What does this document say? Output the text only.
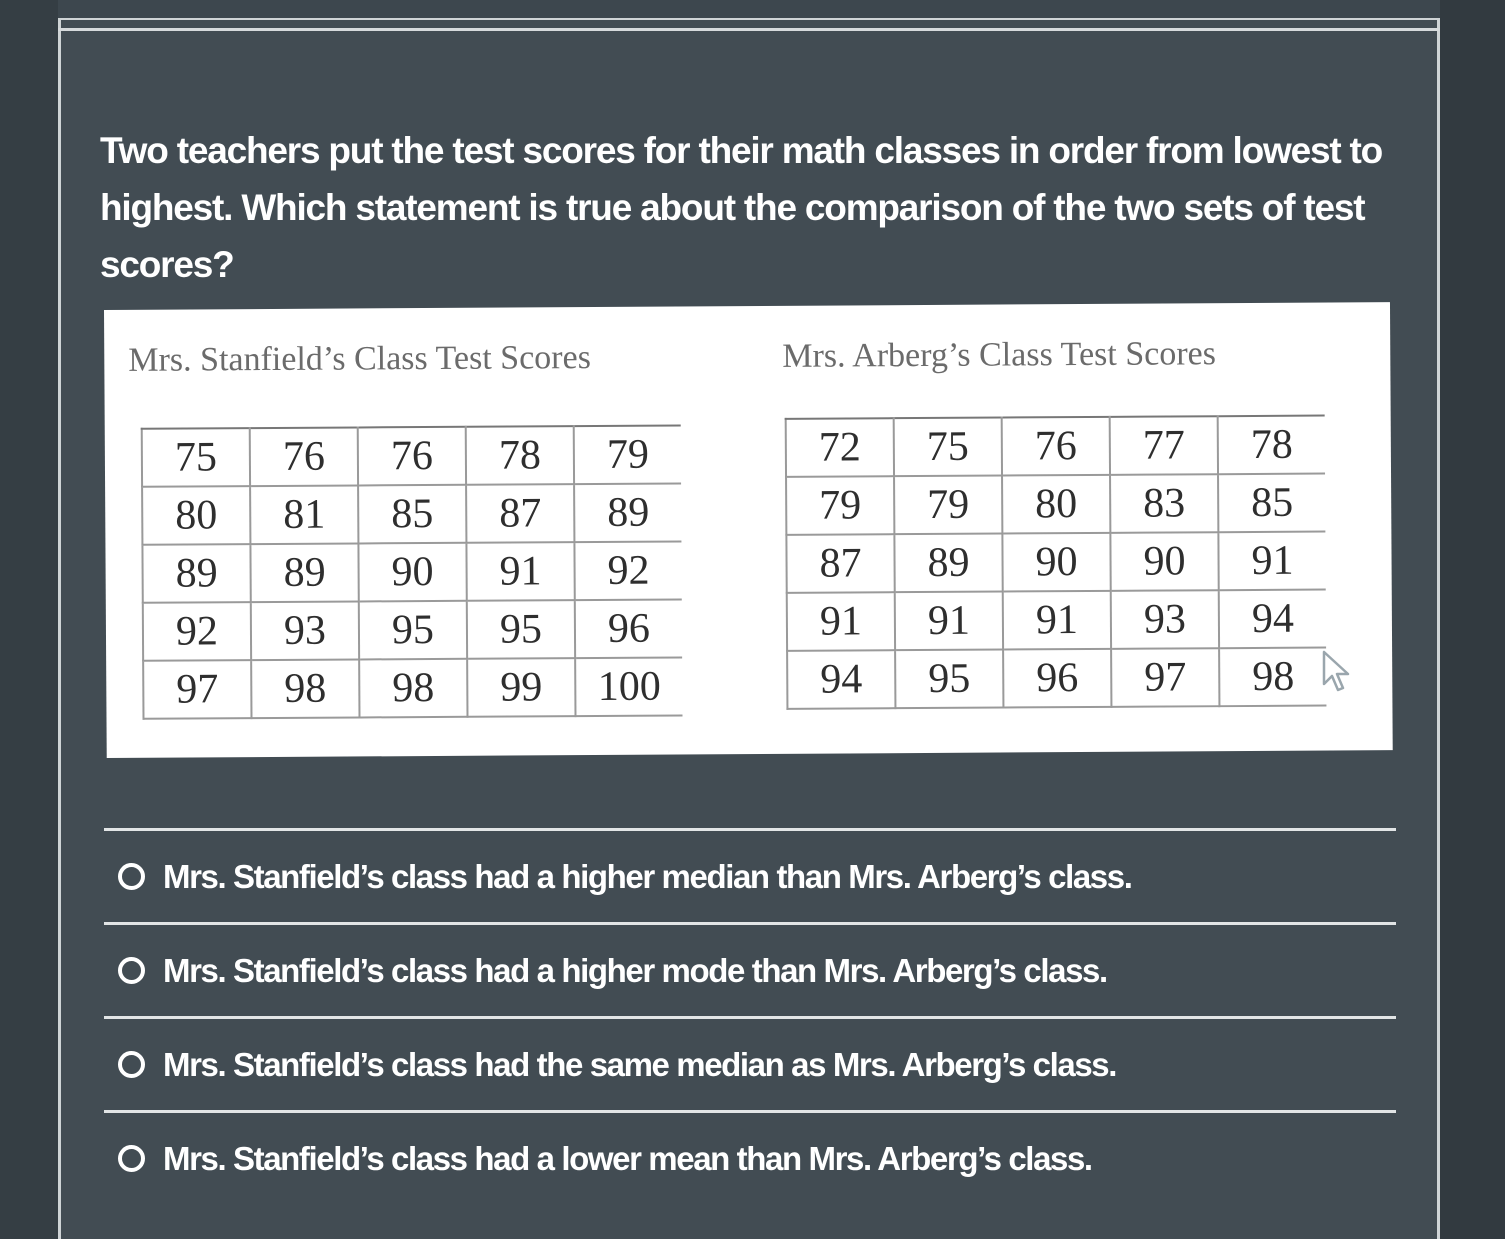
Two teachers put the test scores for their math classes in order from lowest to highest. Which statement is true about the comparison of the two sets of test scores?

Mrs. Stanfield’s Class Test Scores	Mrs. Arberg’s Class Test Scores

75	76	76	78	79
80	81	85	87	89
89	89	90	91	92
92	93	95	95	96
97	98	98	99	100
72	75	76	77	78
79	79	80	83	85
87	89	90	90	91
91	91	91	93	94
94	95	96	97	98
Mrs. Stanfield’s class had a higher median than Mrs. Arberg’s class.
Mrs. Stanfield’s class had a higher mode than Mrs. Arberg’s class.
Mrs. Stanfield’s class had the same median as Mrs. Arberg’s class.
Mrs. Stanfield’s class had a lower mean than Mrs. Arberg’s class.
